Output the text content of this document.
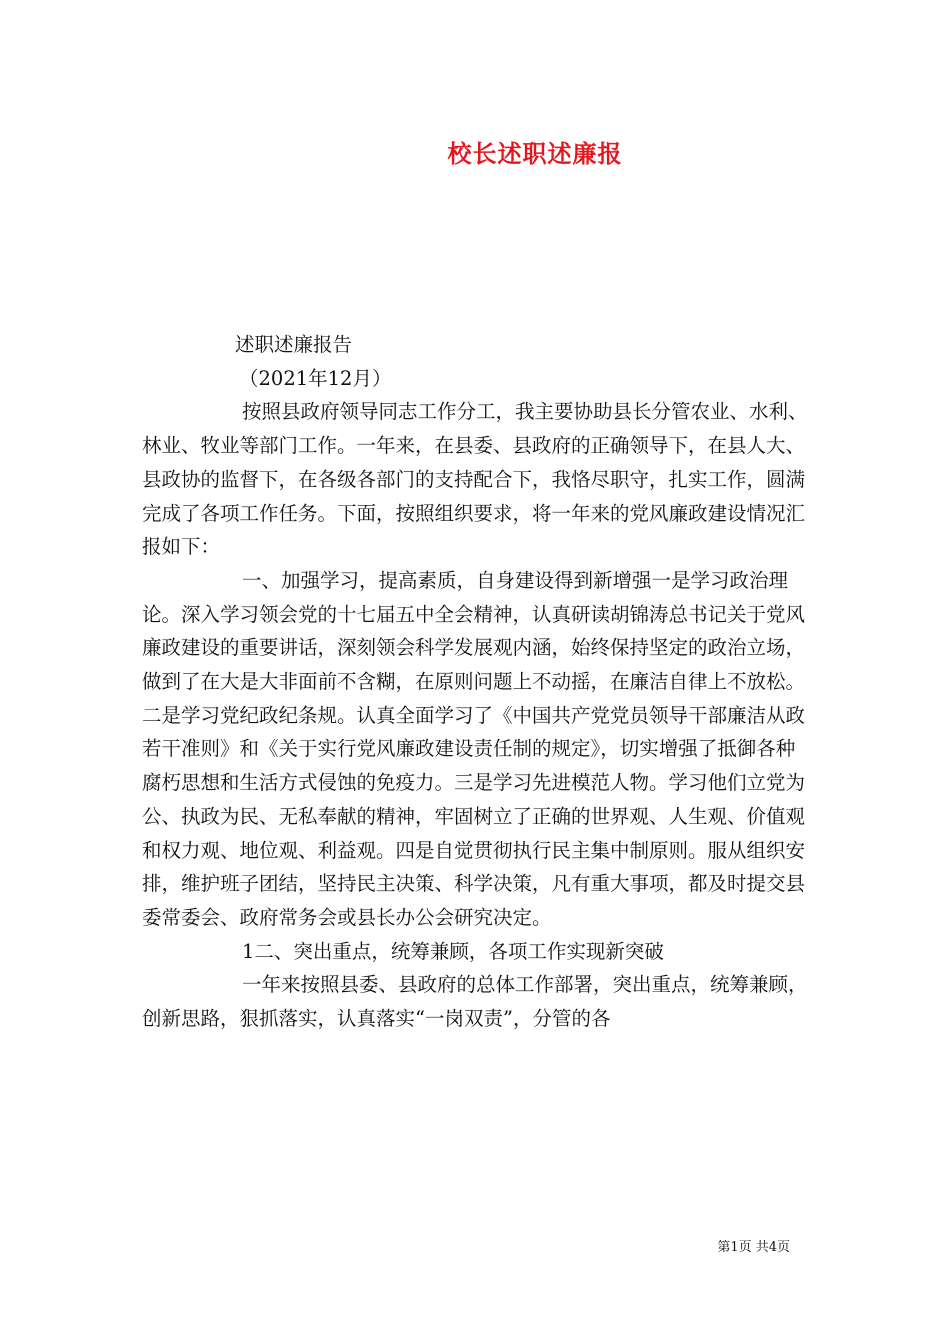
校长述职述廉报

述职述廉报告

（2021年12月）

按照县政府领导同志工作分工，我主要协助县长分管农业、水利、林业、牧业等部门工作。一年来，在县委、县政府的正确领导下，在县人大、县政协的监督下，在各级各部门的支持配合下，我恪尽职守，扎实工作，圆满完成了各项工作任务。下面，按照组织要求，将一年来的党风廉政建设情况汇报如下：

一、加强学习，提高素质，自身建设得到新增强一是学习政治理论。深入学习领会党的十七届五中全会精神，认真研读胡锦涛总书记关于党风廉政建设的重要讲话，深刻领会科学发展观内涵，始终保持坚定的政治立场，做到了在大是大非面前不含糊，在原则问题上不动摇，在廉洁自律上不放松。二是学习党纪政纪条规。认真全面学习了《中国共产党党员领导干部廉洁从政若干准则》和《关于实行党风廉政建设责任制的规定》，切实增强了抵御各种腐朽思想和生活方式侵蚀的免疫力。三是学习先进模范人物。学习他们立党为公、执政为民、无私奉献的精神，牢固树立了正确的世界观、人生观、价值观和权力观、地位观、利益观。四是自觉贯彻执行民主集中制原则。服从组织安排，维护班子团结，坚持民主决策、科学决策，凡有重大事项，都及时提交县委常委会、政府常务会或县长办公会研究决定。

1二、突出重点，统筹兼顾，各项工作实现新突破

一年来按照县委、县政府的总体工作部署，突出重点，统筹兼顾，创新思路，狠抓落实，认真落实“一岗双责”，分管的各

第1页 共4页
